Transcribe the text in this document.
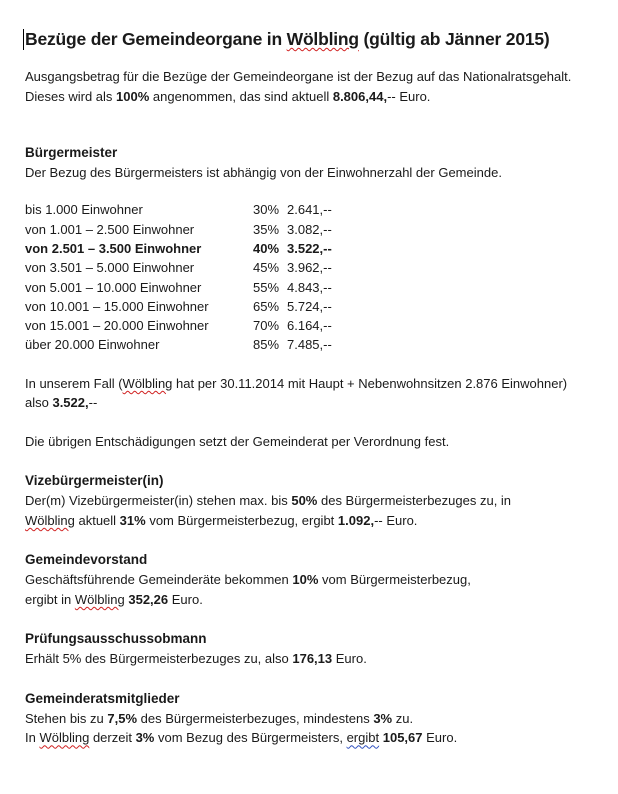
Bezüge der Gemeindeorgane in Wölbling (gültig ab Jänner 2015)

Ausgangsbetrag für die Bezüge der Gemeindeorgane ist der Bezug auf das Nationalratsgehalt.

Dieses wird als 100% angenommen, das sind aktuell 8.806,44,-- Euro.

Bürgermeister

Der Bezug des Bürgermeisters ist abhängig von der Einwohnerzahl der Gemeinde.

bis 1.000 Einwohner	30% 2.641,--
von 1.001 – 2.500 Einwohner	35% 3.082,--
von 2.501 – 3.500 Einwohner	40% 3.522,--
von 3.501 – 5.000 Einwohner	45% 3.962,--
von 5.001 – 10.000 Einwohner	55% 4.843,--
von 10.001 – 15.000 Einwohner	65% 5.724,--
von 15.001 – 20.000 Einwohner	70% 6.164,--
über 20.000 Einwohner	85% 7.485,--

In unserem Fall (Wölbling hat per 30.11.2014 mit Haupt + Nebenwohnsitzen 2.876 Einwohner)

also 3.522,--

Die übrigen Entschädigungen setzt der Gemeinderat per Verordnung fest.

Vizebürgermeister(in)

Der(m) Vizebürgermeister(in) stehen max. bis 50% des Bürgermeisterbezuges zu, in

Wölbling aktuell 31% vom Bürgermeisterbezug, ergibt 1.092,-- Euro.

Gemeindevorstand

Geschäftsführende Gemeinderäte bekommen 10% vom Bürgermeisterbezug,

ergibt in Wölbling 352,26 Euro.

Prüfungsausschussobmann

Erhält 5% des Bürgermeisterbezuges zu, also 176,13 Euro.

Gemeinderatsmitglieder

Stehen bis zu 7,5% des Bürgermeisterbezuges, mindestens 3% zu.

In Wölbling derzeit 3% vom Bezug des Bürgermeisters, ergibt 105,67 Euro.
